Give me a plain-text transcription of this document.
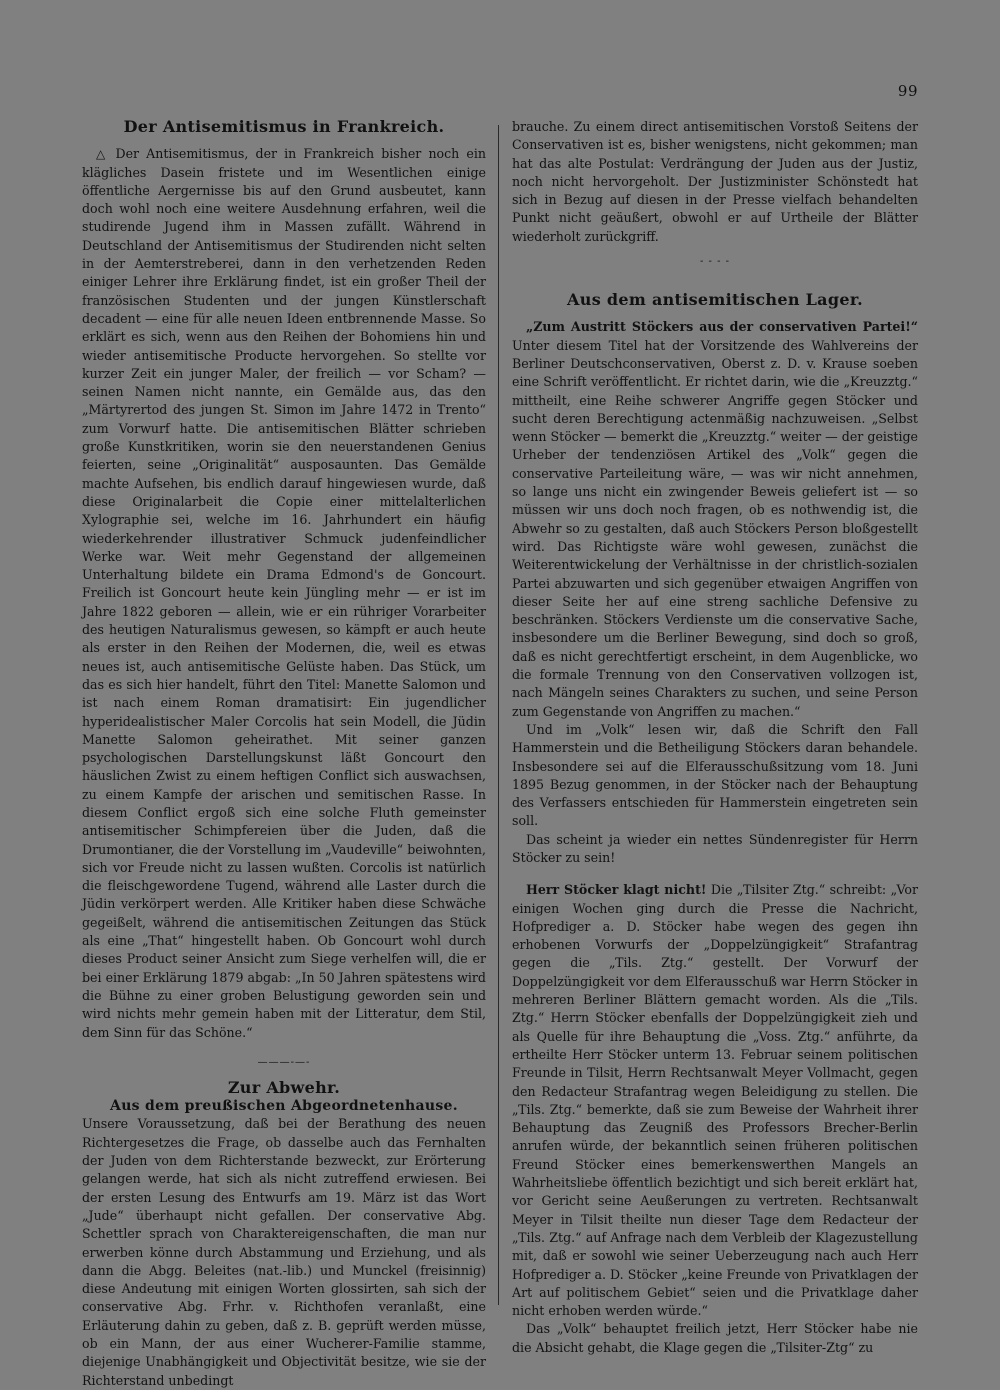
99
Der Antisemitismus in Frankreich.

△ Der Antisemitismus, der in Frankreich bisher noch ein klägliches Dasein fristete und im Wesentlichen einige öffentliche Aergernisse bis auf den Grund ausbeutet, kann doch wohl noch eine weitere Ausdehnung erfahren, weil die studirende Jugend ihm in Massen zufällt. Während in Deutschland der Antisemitismus der Studirenden nicht selten in der Aemterstreberei, dann in den verhetzenden Reden einiger Lehrer ihre Erklärung findet, ist ein großer Theil der französischen Studenten und der jungen Künstlerschaft decadent — eine für alle neuen Ideen entbrennende Masse. So erklärt es sich, wenn aus den Reihen der Bohomiens hin und wieder antisemitische Producte hervorgehen. So stellte vor kurzer Zeit ein junger Maler, der freilich — vor Scham? — seinen Namen nicht nannte, ein Gemälde aus, das den „Märtyrertod des jungen St. Simon im Jahre 1472 in Trento“ zum Vorwurf hatte. Die antisemitischen Blätter schrieben große Kunstkritiken, worin sie den neuerstandenen Genius feierten, seine „Originalität“ ausposaunten. Das Gemälde machte Aufsehen, bis endlich darauf hingewiesen wurde, daß diese Originalarbeit die Copie einer mittelalterlichen Xylographie sei, welche im 16. Jahrhundert ein häufig wiederkehrender illustrativer Schmuck judenfeindlicher Werke war. Weit mehr Gegenstand der allgemeinen Unterhaltung bildete ein Drama Edmond's de Goncourt. Freilich ist Goncourt heute kein Jüngling mehr — er ist im Jahre 1822 geboren — allein, wie er ein rühriger Vorarbeiter des heutigen Naturalismus gewesen, so kämpft er auch heute als erster in den Reihen der Modernen, die, weil es etwas neues ist, auch antisemitische Gelüste haben. Das Stück, um das es sich hier handelt, führt den Titel: Manette Salomon und ist nach einem Roman dramatisirt: Ein jugendlicher hyperidealistischer Maler Corcolis hat sein Modell, die Jüdin Manette Salomon geheirathet. Mit seiner ganzen psychologischen Darstellungskunst läßt Goncourt den häuslichen Zwist zu einem heftigen Conflict sich auswachsen, zu einem Kampfe der arischen und semitischen Rasse. In diesem Conflict ergoß sich eine solche Fluth gemeinster antisemitischer Schimpfereien über die Juden, daß die Drumontianer, die der Vorstellung im „Vaudeville“ beiwohnten, sich vor Freude nicht zu lassen wußten. Corcolis ist natürlich die fleischgewordene Tugend, während alle Laster durch die Jüdin verkörpert werden. Alle Kritiker haben diese Schwäche gegeißelt, während die antisemitischen Zeitungen das Stück als eine „That“ hingestellt haben. Ob Goncourt wohl durch dieses Product seiner Ansicht zum Siege verhelfen will, die er bei einer Erklärung 1879 abgab: „In 50 Jahren spätestens wird die Bühne zu einer groben Belustigung geworden sein und wird nichts mehr gemein haben mit der Litteratur, dem Stil, dem Sinn für das Schöne.“

———-—-
Zur Abwehr.
Aus dem preußischen Abgeordnetenhause.

Unsere Voraussetzung, daß bei der Berathung des neuen Richtergesetzes die Frage, ob dasselbe auch das Fernhalten der Juden von dem Richterstande bezweckt, zur Erörterung gelangen werde, hat sich als nicht zutreffend erwiesen. Bei der ersten Lesung des Entwurfs am 19. März ist das Wort „Jude“ überhaupt nicht gefallen. Der conservative Abg. Schettler sprach von Charaktereigenschaften, die man nur erwerben könne durch Abstammung und Erziehung, und als dann die Abgg. Beleites (nat.-lib.) und Munckel (freisinnig) diese Andeutung mit einigen Worten glossirten, sah sich der conservative Abg. Frhr. v. Richthofen veranlaßt, eine Erläuterung dahin zu geben, daß z. B. geprüft werden müsse, ob ein Mann, der aus einer Wucherer-Familie stamme, diejenige Unabhängigkeit und Objectivität besitze, wie sie der Richterstand unbedingt

brauche. Zu einem direct antisemitischen Vorstoß Seitens der Conservativen ist es, bisher wenigstens, nicht gekommen; man hat das alte Postulat: Verdrängung der Juden aus der Justiz, noch nicht hervorgeholt. Der Justizminister Schönstedt hat sich in Bezug auf diesen in der Presse vielfach behandelten Punkt nicht geäußert, obwohl er auf Urtheile der Blätter wiederholt zurückgriff.

- - - -
Aus dem antisemitischen Lager.

„Zum Austritt Stöckers aus der conservativen Partei!“ Unter diesem Titel hat der Vorsitzende des Wahlvereins der Berliner Deutschconservativen, Oberst z. D. v. Krause soeben eine Schrift veröffentlicht. Er richtet darin, wie die „Kreuzztg.“ mittheilt, eine Reihe schwerer Angriffe gegen Stöcker und sucht deren Berechtigung actenmäßig nachzuweisen. „Selbst wenn Stöcker — bemerkt die „Kreuzztg.“ weiter — der geistige Urheber der tendenziösen Artikel des „Volk“ gegen die conservative Parteileitung wäre, — was wir nicht annehmen, so lange uns nicht ein zwingender Beweis geliefert ist — so müssen wir uns doch noch fragen, ob es nothwendig ist, die Abwehr so zu gestalten, daß auch Stöckers Person bloßgestellt wird. Das Richtigste wäre wohl gewesen, zunächst die Weiterentwickelung der Verhältnisse in der christlich-sozialen Partei abzuwarten und sich gegenüber etwaigen Angriffen von dieser Seite her auf eine streng sachliche Defensive zu beschränken. Stöckers Verdienste um die conservative Sache, insbesondere um die Berliner Bewegung, sind doch so groß, daß es nicht gerechtfertigt erscheint, in dem Augenblicke, wo die formale Trennung von den Conservativen vollzogen ist, nach Mängeln seines Charakters zu suchen, und seine Person zum Gegenstande von Angriffen zu machen.“

Und im „Volk“ lesen wir, daß die Schrift den Fall Hammerstein und die Betheiligung Stöckers daran behandele. Insbesondere sei auf die Elferausschußsitzung vom 18. Juni 1895 Bezug genommen, in der Stöcker nach der Behauptung des Verfassers entschieden für Hammerstein eingetreten sein soll.

Das scheint ja wieder ein nettes Sündenregister für Herrn Stöcker zu sein!

Herr Stöcker klagt nicht! Die „Tilsiter Ztg.“ schreibt: „Vor einigen Wochen ging durch die Presse die Nachricht, Hofprediger a. D. Stöcker habe wegen des gegen ihn erhobenen Vorwurfs der „Doppelzüngigkeit“ Strafantrag gegen die „Tils. Ztg.“ gestellt. Der Vorwurf der Doppelzüngigkeit vor dem Elferausschuß war Herrn Stöcker in mehreren Berliner Blättern gemacht worden. Als die „Tils. Ztg.“ Herrn Stöcker ebenfalls der Doppelzüngigkeit zieh und als Quelle für ihre Behauptung die „Voss. Ztg.“ anführte, da ertheilte Herr Stöcker unterm 13. Februar seinem politischen Freunde in Tilsit, Herrn Rechtsanwalt Meyer Vollmacht, gegen den Redacteur Strafantrag wegen Beleidigung zu stellen. Die „Tils. Ztg.“ bemerkte, daß sie zum Beweise der Wahrheit ihrer Behauptung das Zeugniß des Professors Brecher-Berlin anrufen würde, der bekanntlich seinen früheren politischen Freund Stöcker eines bemerkenswerthen Mangels an Wahrheitsliebe öffentlich bezichtigt und sich bereit erklärt hat, vor Gericht seine Aeußerungen zu vertreten. Rechtsanwalt Meyer in Tilsit theilte nun dieser Tage dem Redacteur der „Tils. Ztg.“ auf Anfrage nach dem Verbleib der Klagezustellung mit, daß er sowohl wie seiner Ueberzeugung nach auch Herr Hofprediger a. D. Stöcker „keine Freunde von Privatklagen der Art auf politischem Gebiet“ seien und die Privatklage daher nicht erhoben werden würde.“

Das „Volk“ behauptet freilich jetzt, Herr Stöcker habe nie die Absicht gehabt, die Klage gegen die „Tilsiter-Ztg“ zu
